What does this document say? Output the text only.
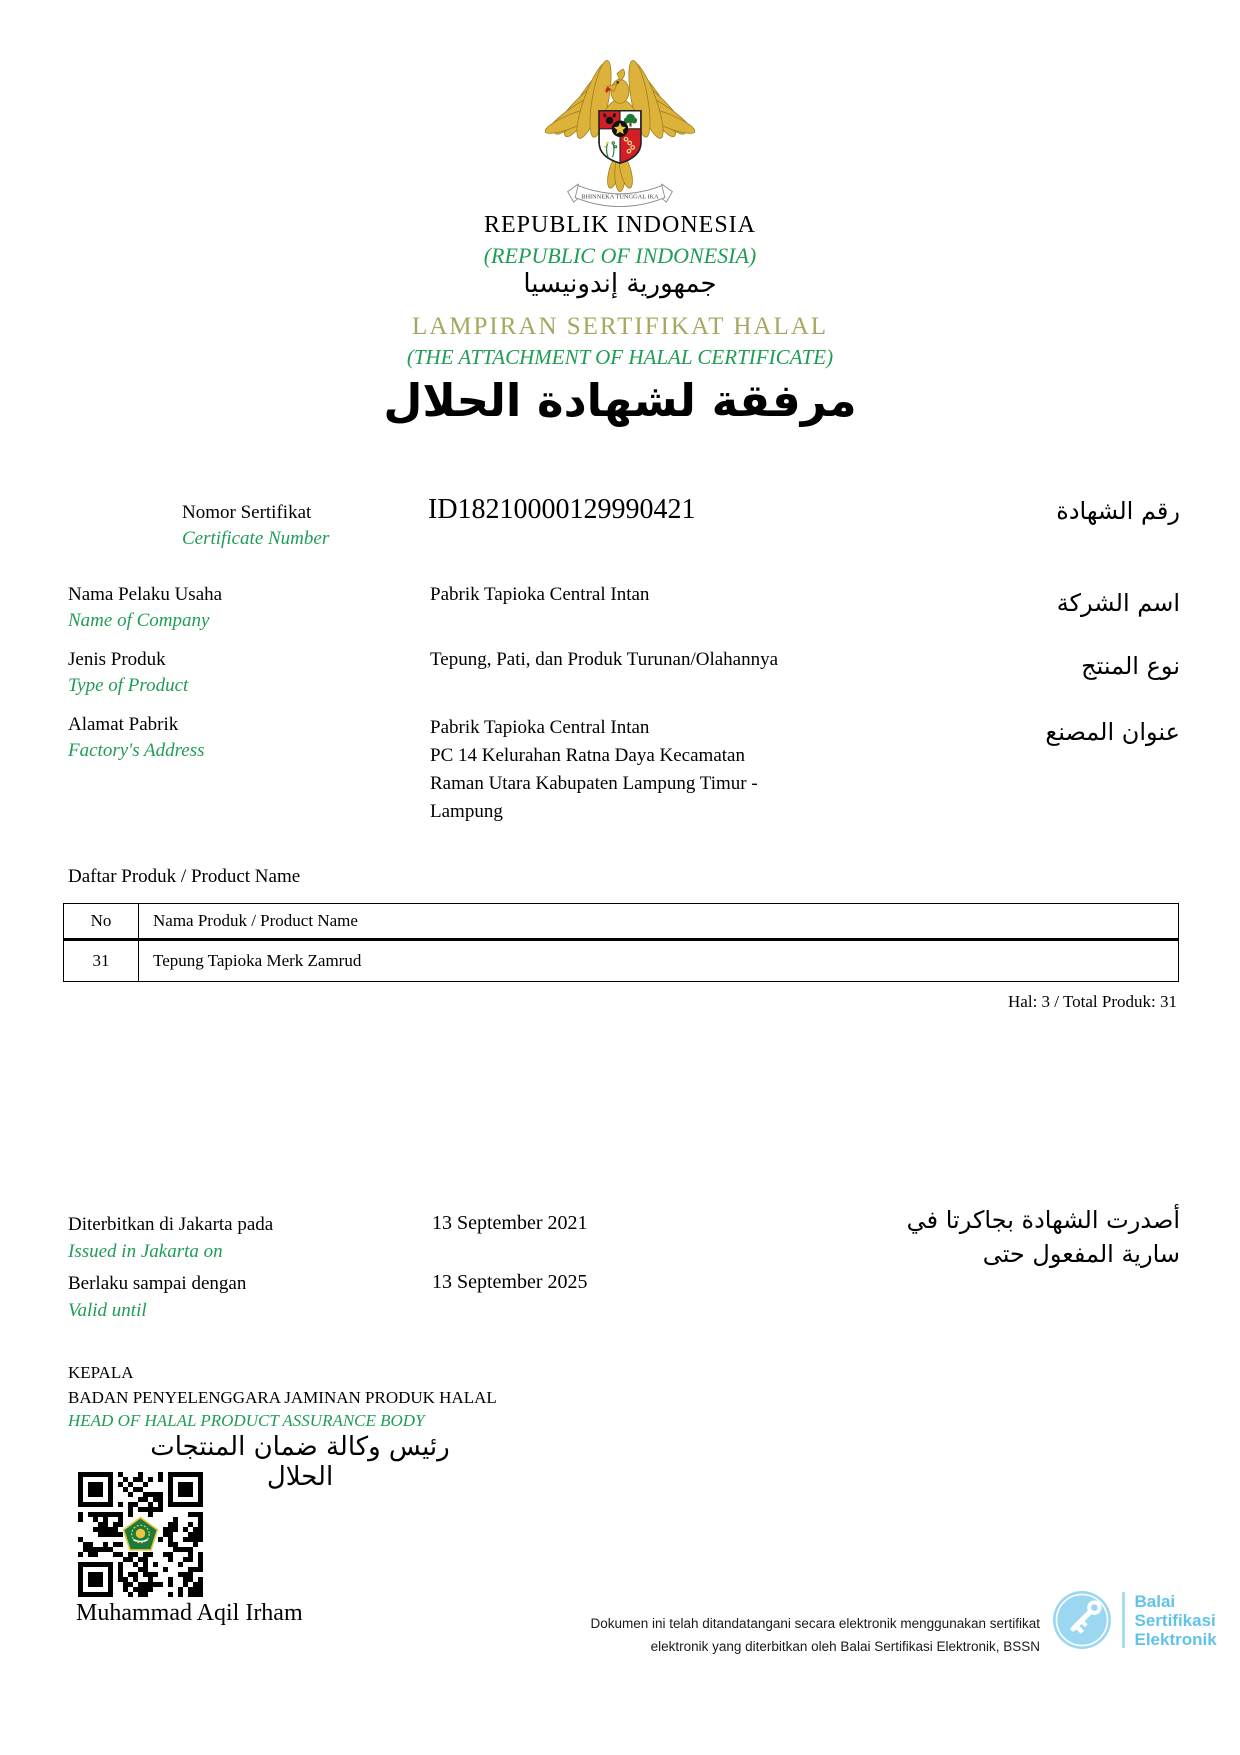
BHINNEKA TUNGGAL IKA
REPUBLIK INDONESIA
(REPUBLIC OF INDONESIA)
جمهورية إندونيسيا
LAMPIRAN SERTIFIKAT HALAL
(THE ATTACHMENT OF HALAL CERTIFICATE)
مرفقة لشهادة الحلال
Nomor Sertifikat
Certificate Number
ID18210000129990421	رقم الشهادة
Nama Pelaku Usaha
Name of Company
Pabrik Tapioka Central Intan	اسم الشركة
Jenis Produk
Type of Product
Tepung, Pati, dan Produk Turunan/Olahannya	نوع المنتج
Alamat Pabrik
Factory's Address
Pabrik Tapioka Central Intan
PC 14 Kelurahan Ratna Daya Kecamatan
Raman Utara Kabupaten Lampung Timur -
Lampung
عنوان المصنع
Daftar Produk / Product Name
No	Nama Produk / Product Name
31	Tepung Tapioka Merk Zamrud
Hal: 3 / Total Produk: 31
Diterbitkan di Jakarta pada
Issued in Jakarta on
13 September 2021	أصدرت الشهادة بجاكرتا في
Berlaku sampai dengan
Valid until
13 September 2025
سارية المفعول حتى
KEPALA
BADAN PENYELENGGARA JAMINAN PRODUK HALAL
HEAD OF HALAL PRODUCT ASSURANCE BODY
رئيس وكالة ضمان المنتجات الحلال
Muhammad Aqil Irham	Dokumen ini telah ditandatangani secara elektronik menggunakan sertifikat
elektronik yang diterbitkan oleh Balai Sertifikasi Elektronik, BSSN
Balai
Sertifikasi
Elektronik
